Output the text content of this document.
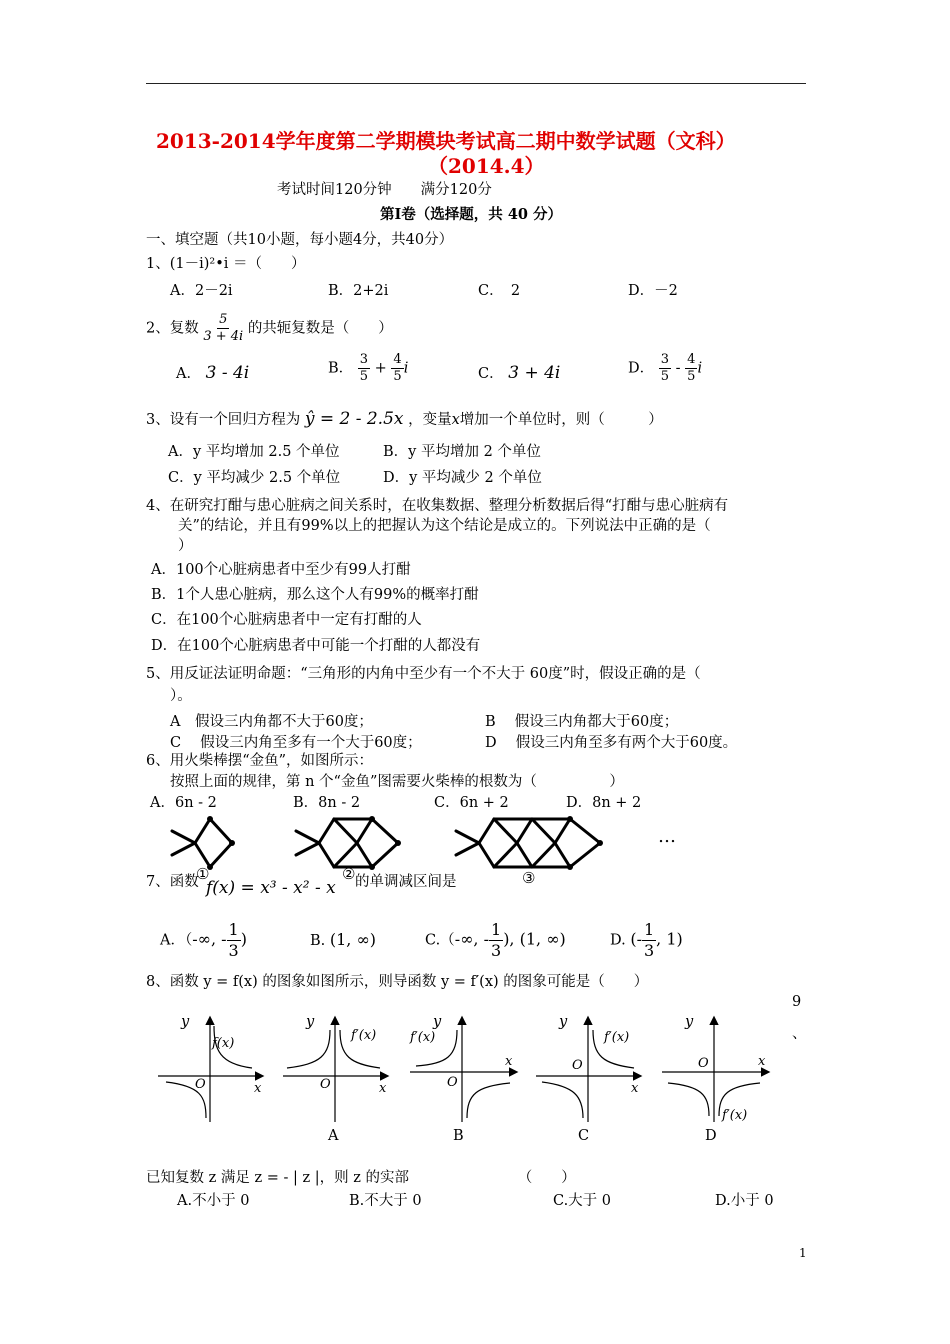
2013-2014学年度第二学期模块考试高二期中数学试题（文科）
（2014.4）
考试时间120分钟　　满分120分
第Ⅰ卷（选择题，共 40 分）
一、填空题（共10小题，每小题4分，共40分）
1、(1－i)²•i ＝（　　）
A．2－2i	B．2+2i	C．　2	D．－2
2、复数 $\frac{5}{3 + 4i}$ 的共轭复数是（　　）
A． 3 - 4i	B． $\frac{3}{5} + \frac{4}{5}$ i	C． 3 + 4i	D． $\frac{3}{5} - \frac{4}{5}$ i
3、设有一个回归方程为 ŷ = 2 - 2.5x ，变量x增加一个单位时，则（　　　）
A．y 平均增加 2.5 个单位	B．y 平均增加 2 个单位
C．y 平均减少 2.5 个单位	D．y 平均减少 2 个单位
4、在研究打酣与患心脏病之间关系时，在收集数据、整理分析数据后得“打酣与患心脏病有
关”的结论，并且有99%以上的把握认为这个结论是成立的。下列说法中正确的是（
）
A．100个心脏病患者中至少有99人打酣
B．1个人患心脏病，那么这个人有99%的概率打酣
C．在100个心脏病患者中一定有打酣的人
D．在100个心脏病患者中可能一个打酣的人都没有
5、用反证法证明命题：“三角形的内角中至少有一个不大于 60度”时，假设正确的是（
）。
A　假设三内角都不大于60度；	B　 假设三内角都大于60度；
C　 假设三内角至多有一个大于60度；	D　 假设三内角至多有两个大于60度。
6、用火柴棒摆“金鱼”，如图所示：
按照上面的规律，第 n 个“金鱼”图需要火柴棒的根数为（　　　　　）
A．6n - 2	B．8n - 2	C．6n + 2	D．8n + 2
①	②	③
…
7、函数 f(x) = x³ - x² - x 的单调减区间是
A．（-∞, - $\frac{1}{3}$ )	B. (1, ∞)	C.（-∞, - $\frac{1}{3}$ ), (1, ∞)	D. (- $\frac{1}{3}$ , 1)
8、函数 y = f(x) 的图象如图所示，则导函数 y = f′(x) 的图象可能是（　　）
9
、
y
f(x)
O	x
y
f′(x)
O	x
A
y
f′(x)
O
x
B
y
f′(x)
O
x
C
y
O	x
f′(x)
D
已知复数 z 满足 z = - | z |，则 z 的实部　　　　　　　　（　　）
A.不小于 0	B.不大于 0	C.大于 0	D.小于 0
1
